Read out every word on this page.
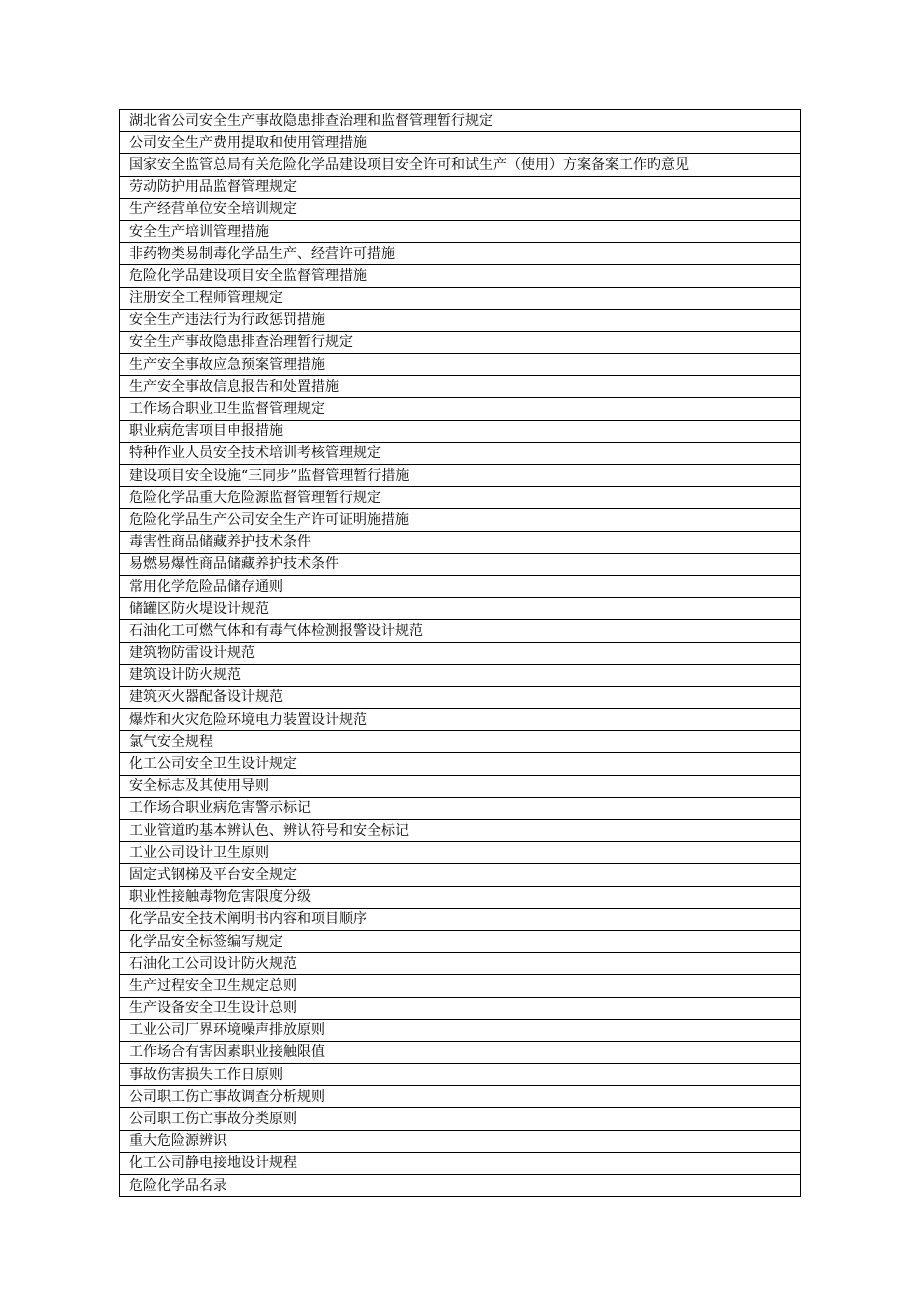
湖北省公司安全生产事故隐患排查治理和监督管理暂行规定
公司安全生产费用提取和使用管理措施
国家安全监管总局有关危险化学品建设项目安全许可和试生产（使用）方案备案工作旳意见
劳动防护用品监督管理规定
生产经营单位安全培训规定
安全生产培训管理措施
非药物类易制毒化学品生产、经营许可措施
危险化学品建设项目安全监督管理措施
注册安全工程师管理规定
安全生产违法行为行政惩罚措施
安全生产事故隐患排查治理暂行规定
生产安全事故应急预案管理措施
生产安全事故信息报告和处置措施
工作场合职业卫生监督管理规定
职业病危害项目申报措施
特种作业人员安全技术培训考核管理规定
建设项目安全设施“三同步”监督管理暂行措施
危险化学品重大危险源监督管理暂行规定
危险化学品生产公司安全生产许可证明施措施
毒害性商品储藏养护技术条件
易燃易爆性商品储藏养护技术条件
常用化学危险品储存通则
储罐区防火堤设计规范
石油化工可燃气体和有毒气体检测报警设计规范
建筑物防雷设计规范
建筑设计防火规范
建筑灭火器配备设计规范
爆炸和火灾危险环境电力装置设计规范
氯气安全规程
化工公司安全卫生设计规定
安全标志及其使用导则
工作场合职业病危害警示标记
工业管道旳基本辨认色、辨认符号和安全标记
工业公司设计卫生原则
固定式钢梯及平台安全规定
职业性接触毒物危害限度分级
化学品安全技术阐明书内容和项目顺序
化学品安全标签编写规定
石油化工公司设计防火规范
生产过程安全卫生规定总则
生产设备安全卫生设计总则
工业公司厂界环境噪声排放原则
工作场合有害因素职业接触限值
事故伤害损失工作日原则
公司职工伤亡事故调查分析规则
公司职工伤亡事故分类原则
重大危险源辨识
化工公司静电接地设计规程
危险化学品名录
